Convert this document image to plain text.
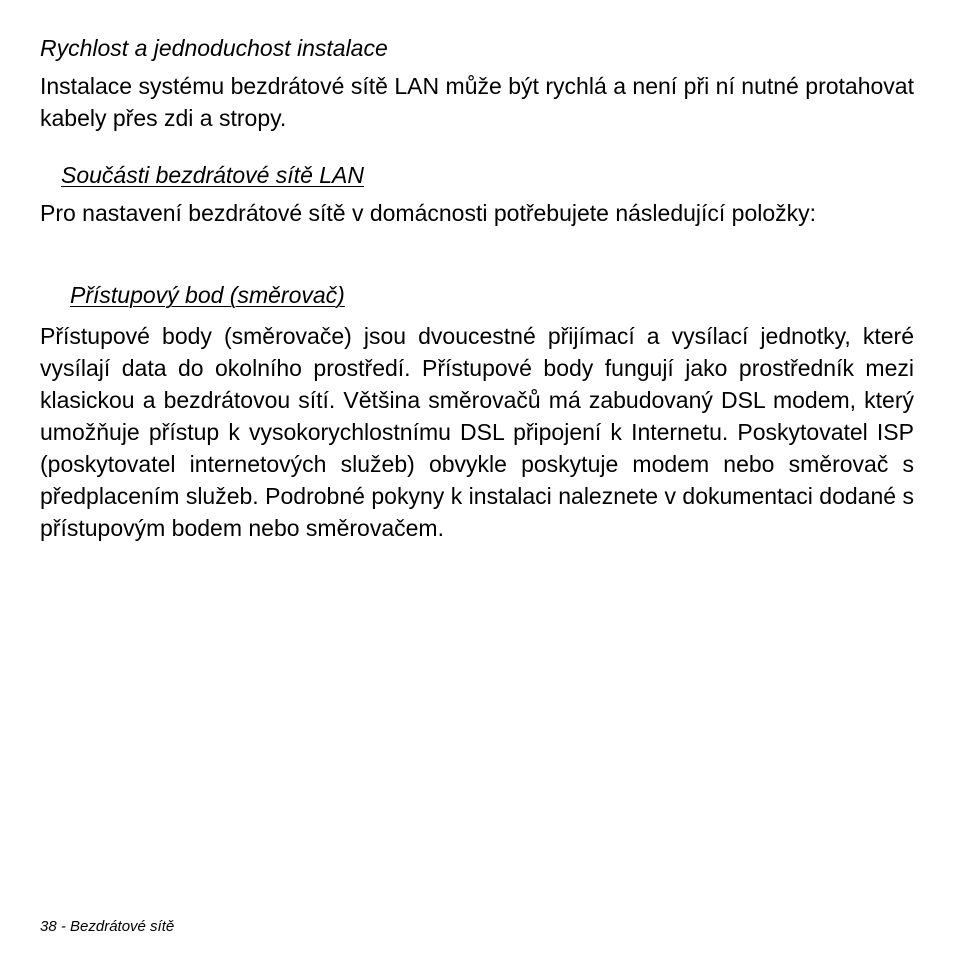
Rychlost a jednoduchost instalace
Instalace systému bezdrátové sítě LAN může být rychlá a není při ní nutné protahovat kabely přes zdi a stropy.
Součásti bezdrátové sítě LAN
Pro nastavení bezdrátové sítě v domácnosti potřebujete následující položky:
Přístupový bod (směrovač)
Přístupové body (směrovače) jsou dvoucestné přijímací a vysílací jednotky, které vysílají data do okolního prostředí. Přístupové body fungují jako prostředník mezi klasickou a bezdrátovou sítí. Většina směrovačů má zabudovaný DSL modem, který umožňuje přístup k vysokorychlostnímu DSL připojení k Internetu. Poskytovatel ISP (poskytovatel internetových služeb) obvykle poskytuje modem nebo směrovač s předplacením služeb. Podrobné pokyny k instalaci naleznete v dokumentaci dodané s přístupovým bodem nebo směrovačem.
38 - Bezdrátové sítě
